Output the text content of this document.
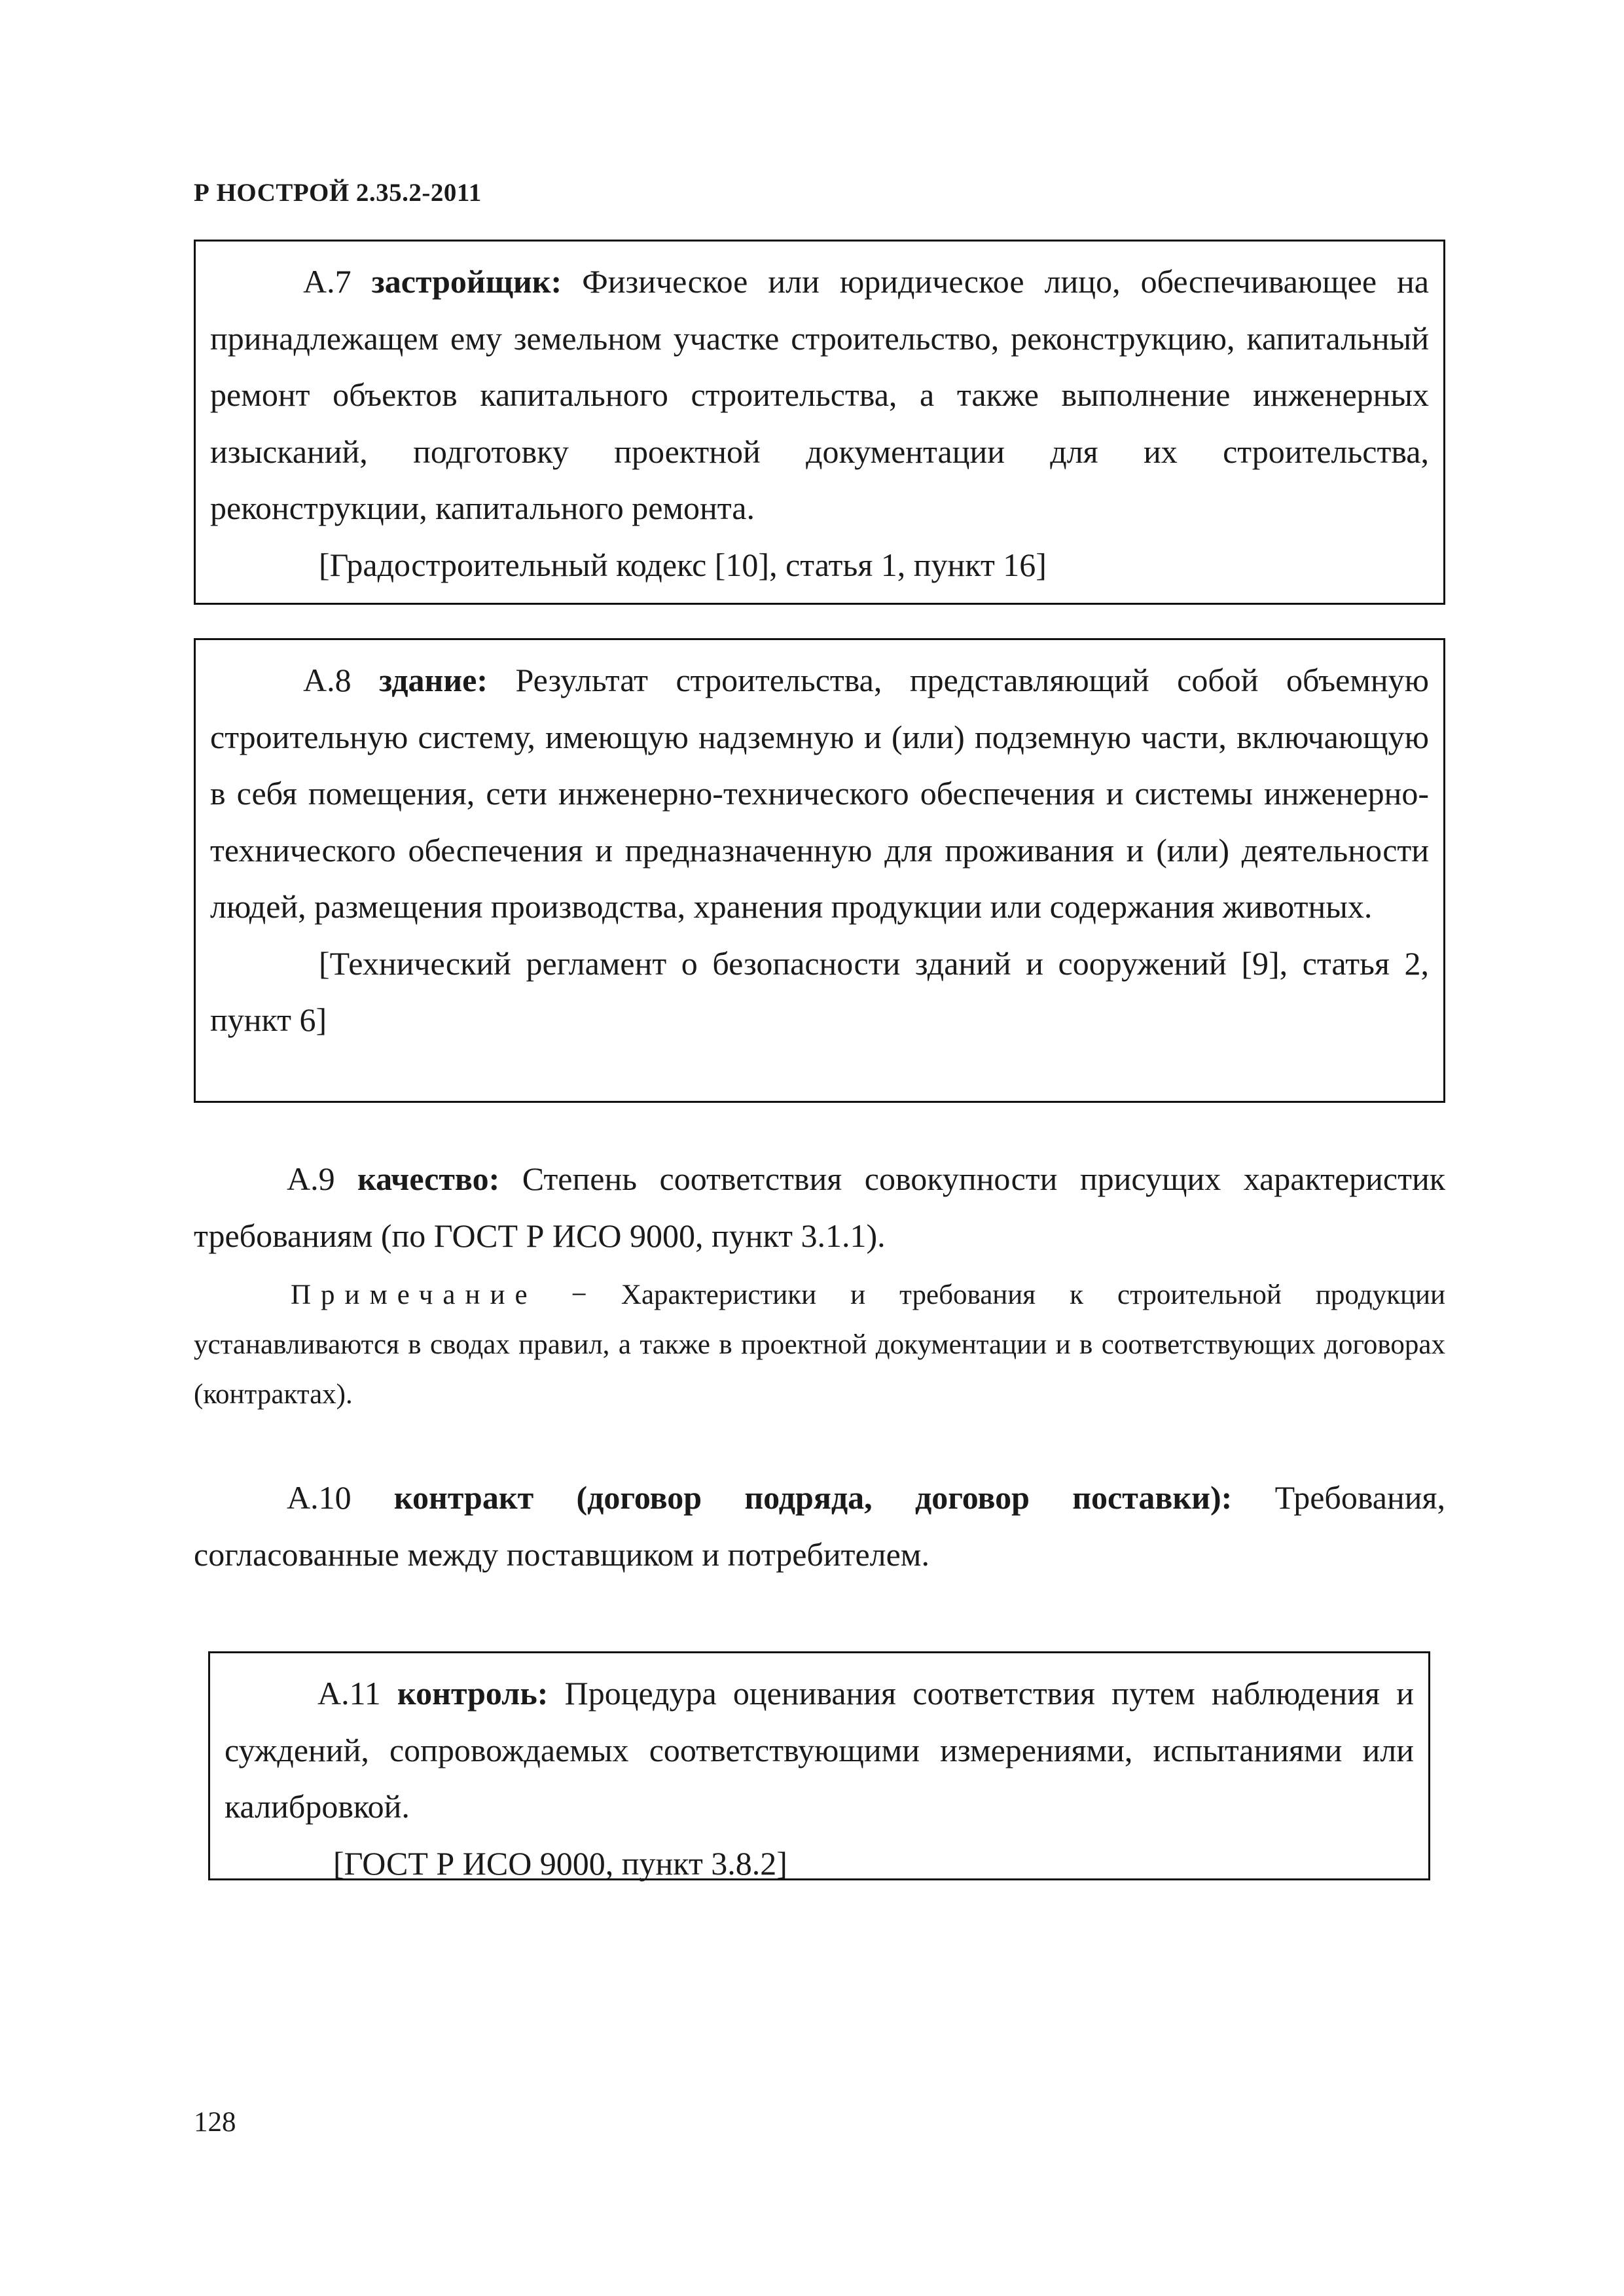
Р НОСТРОЙ 2.35.2-2011

А.7 застройщик: Физическое или юридическое лицо, обеспечивающее на принадлежащем ему земельном участке строительство, реконструкцию, капитальный ремонт объектов капитального строительства, а также выполнение инженерных изысканий, подготовку проектной документации для их строительства, реконструкции, капитального ремонта.

[Градостроительный кодекс [10], статья 1, пункт 16]

А.8 здание: Результат строительства, представляющий собой объемную строительную систему, имеющую надземную и (или) подземную части, включающую в себя помещения, сети инженерно-технического обеспечения и системы инженерно-технического обеспечения и предназначенную для проживания и (или) деятельности людей, размещения производства, хранения продукции или содержания животных.

[Технический регламент о безопасности зданий и сооружений [9], статья 2, пункт 6]

А.9 качество: Степень соответствия совокупности присущих характеристик требованиям (по ГОСТ Р ИСО 9000, пункт 3.1.1).

Примечание − Характеристики и требования к строительной продукции устанавливаются в сводах правил, а также в проектной документации и в соответствующих договорах (контрактах).

А.10 контракт (договор подряда, договор поставки): Требования, согласованные между поставщиком и потребителем.

А.11 контроль: Процедура оценивания соответствия путем наблюдения и суждений, сопровождаемых соответствующими измерениями, испытаниями или калибровкой.

[ГОСТ Р ИСО 9000, пункт 3.8.2]

128
